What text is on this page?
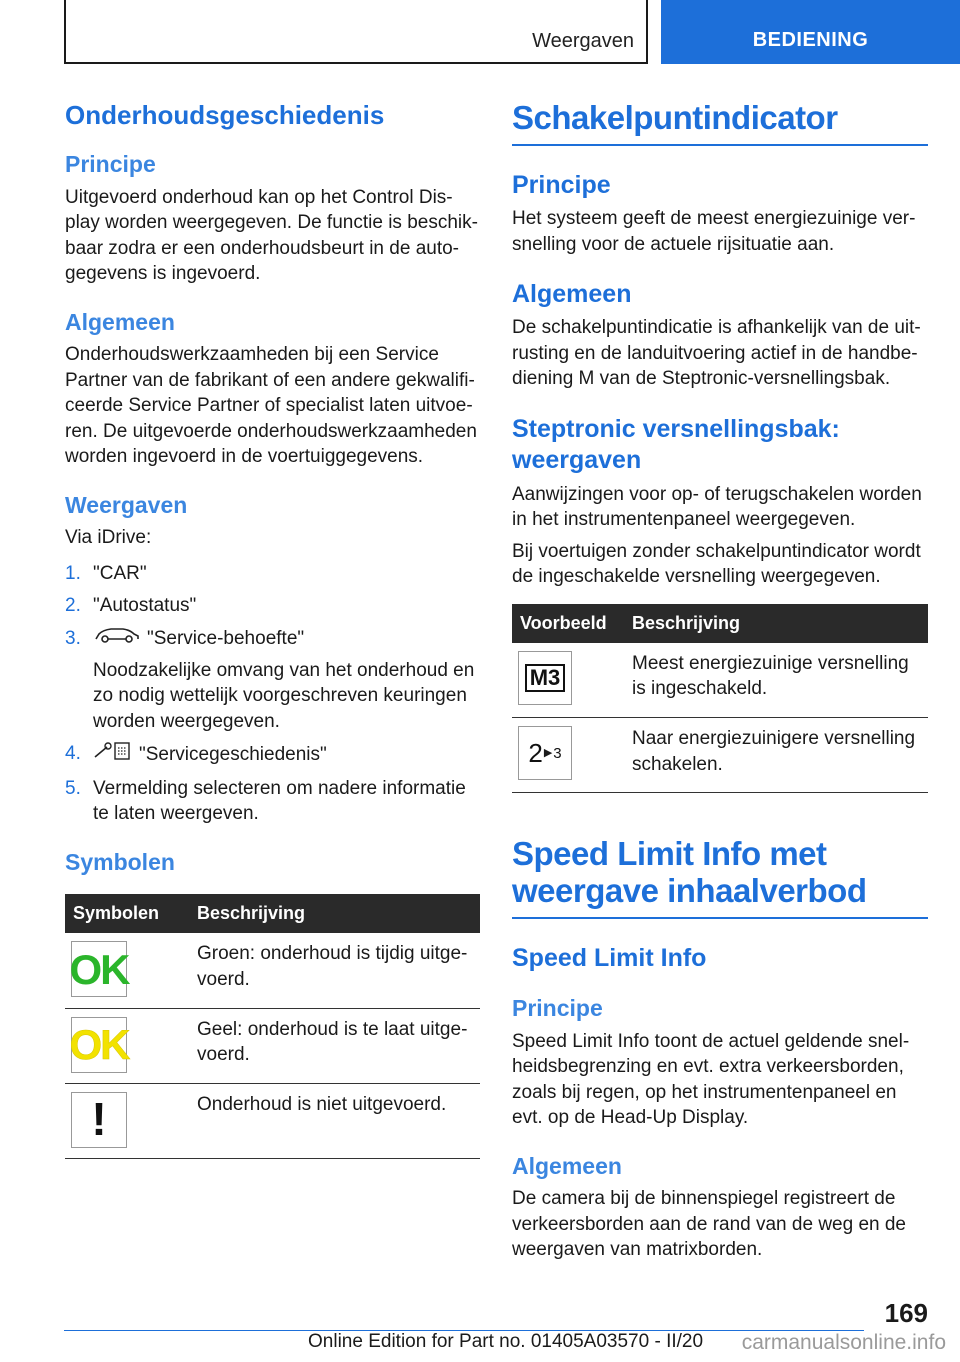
Weergaven	BEDIENING
Onderhoudsgeschiedenis
Principe

Uitgevoerd onderhoud kan op het Control Dis-play worden weergegeven. De functie is beschik-baar zodra er een onderhoudsbeurt in de auto-gegevens is ingevoerd.

Algemeen

Onderhoudswerkzaamheden bij een Service Partner van de fabrikant of een andere gekwalifi-ceerde Service Partner of specialist laten uitvoe-ren. De uitgevoerde onderhoudswerkzaamheden worden ingevoerd in de voertuiggegevens.

Weergaven

Via iDrive:

1. "CAR"
2. "Autostatus"
3.	"Service-behoefte"
Noodzakelijke omvang van het onderhoud en zo nodig wettelijk voorgeschreven keuringen worden weergegeven.
4.	"Servicegeschiedenis"
5. Vermelding selecteren om nadere informatie te laten weergeven.
Symbolen
Symbolen	Beschrijving

OK	Groen: onderhoud is tijdig uitge-voerd.

OK	Geel: onderhoud is te laat uitge-voerd.

!	Onderhoud is niet uitgevoerd.
Schakelpuntindicator
Principe

Het systeem geeft de meest energiezuinige ver-snelling voor de actuele rijsituatie aan.

Algemeen

De schakelpuntindicatie is afhankelijk van de uit-rusting en de landuitvoering actief in de handbe-diening M van de Steptronic-versnellingsbak.

Steptronic versnellingsbak: weergaven

Aanwijzingen voor op- of terugschakelen worden in het instrumentenpaneel weergegeven.

Bij voertuigen zonder schakelpuntindicator wordt de ingeschakelde versnelling weergegeven.

Voorbeeld	Beschrijving

M3	Meest energiezuinige versnelling is ingeschakeld.

2 ▶ 3	Naar energiezuinigere versnelling schakelen.
Speed Limit Info met weergave inhaalverbod
Speed Limit Info
Principe

Speed Limit Info toont de actuel geldende snel-heidsbegrenzing en evt. extra verkeersborden, zoals bij regen, op het instrumentenpaneel en evt. op de Head-Up Display.

Algemeen

De camera bij de binnenspiegel registreert de verkeersborden aan de rand van de weg en de weergaven van matrixborden.

169
Online Edition for Part no. 01405A03570 - II/20 carmanualsonline.info
